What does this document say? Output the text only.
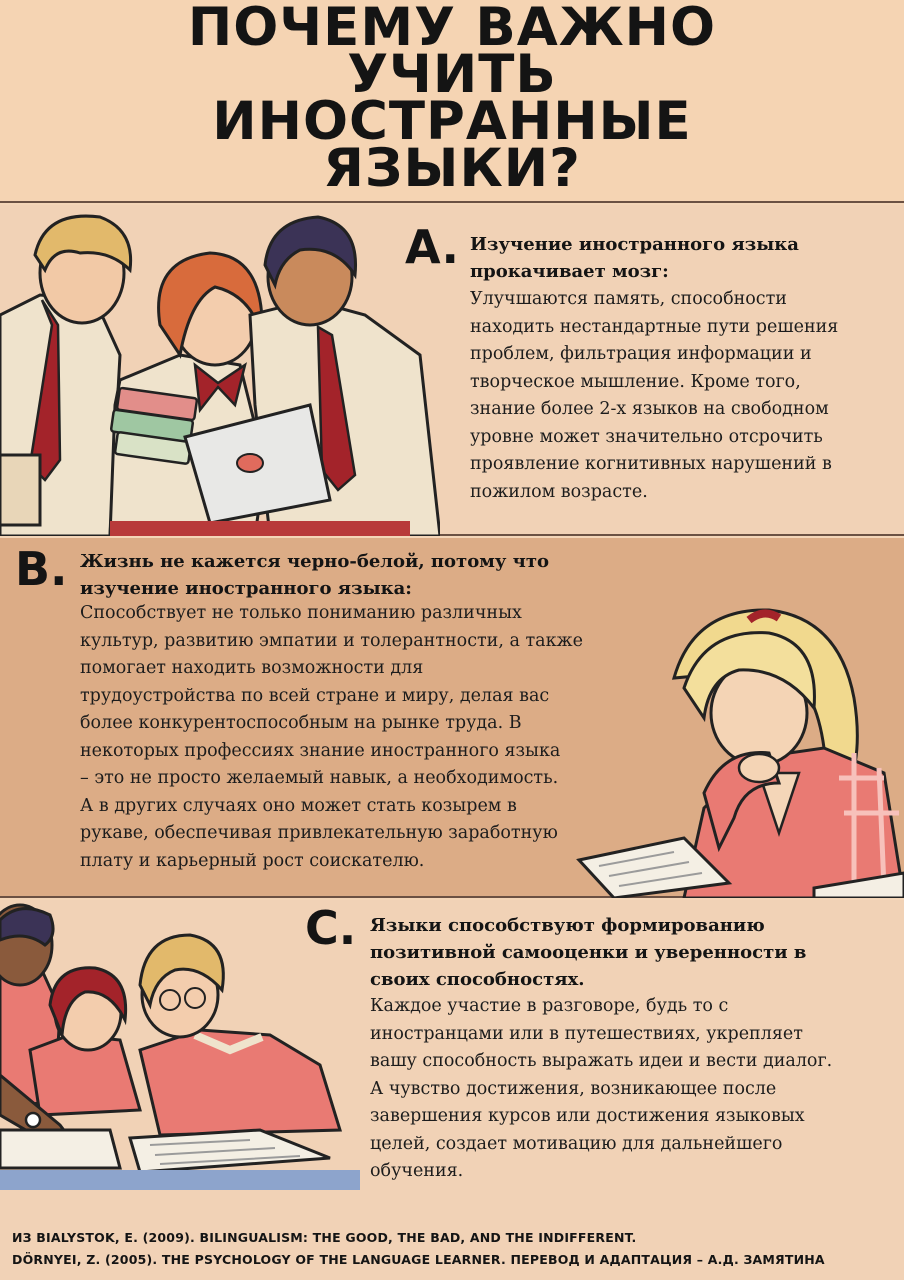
ПОЧЕМУ ВАЖНО
УЧИТЬ
ИНОСТРАННЫЕ
ЯЗЫКИ?
A. Изучение иностранного языка
прокачивает мозг:
Улучшаются память, способности
находить нестандартные пути решения
проблем, фильтрация информации и
творческое мышление. Кроме того,
знание более 2-х языков на свободном
уровне может значительно отсрочить
проявление когнитивных нарушений в
пожилом возрасте.
B. Жизнь не кажется черно-белой, потому что
изучение иностранного языка:
Способствует не только пониманию различных
культур, развитию эмпатии и толерантности, а также
помогает находить возможности для
трудоустройства по всей стране и миру, делая вас
более конкурентоспособным на рынке труда. В
некоторых профессиях знание иностранного языка
– это не просто желаемый навык, а необходимость.
А в других случаях оно может стать козырем в
рукаве, обеспечивая привлекательную заработную
плату и карьерный рост соискателю.
C. Языки способствуют формированию
позитивной самооценки и уверенности в
своих способностях.
Каждое участие в разговоре, будь то с
иностранцами или в путешествиях, укрепляет
вашу способность выражать идеи и вести диалог.
А чувство достижения, возникающее после
завершения курсов или достижения языковых
целей, создает мотивацию для дальнейшего
обучения.
ИЗ BIALYSTOK, E. (2009). BILINGUALISM: THE GOOD, THE BAD, AND THE INDIFFERENT.
DÖRNYEI, Z. (2005). THE PSYCHOLOGY OF THE LANGUAGE LEARNER. ПЕРЕВОД И АДАПТАЦИЯ – А.Д. ЗАМЯТИНА
